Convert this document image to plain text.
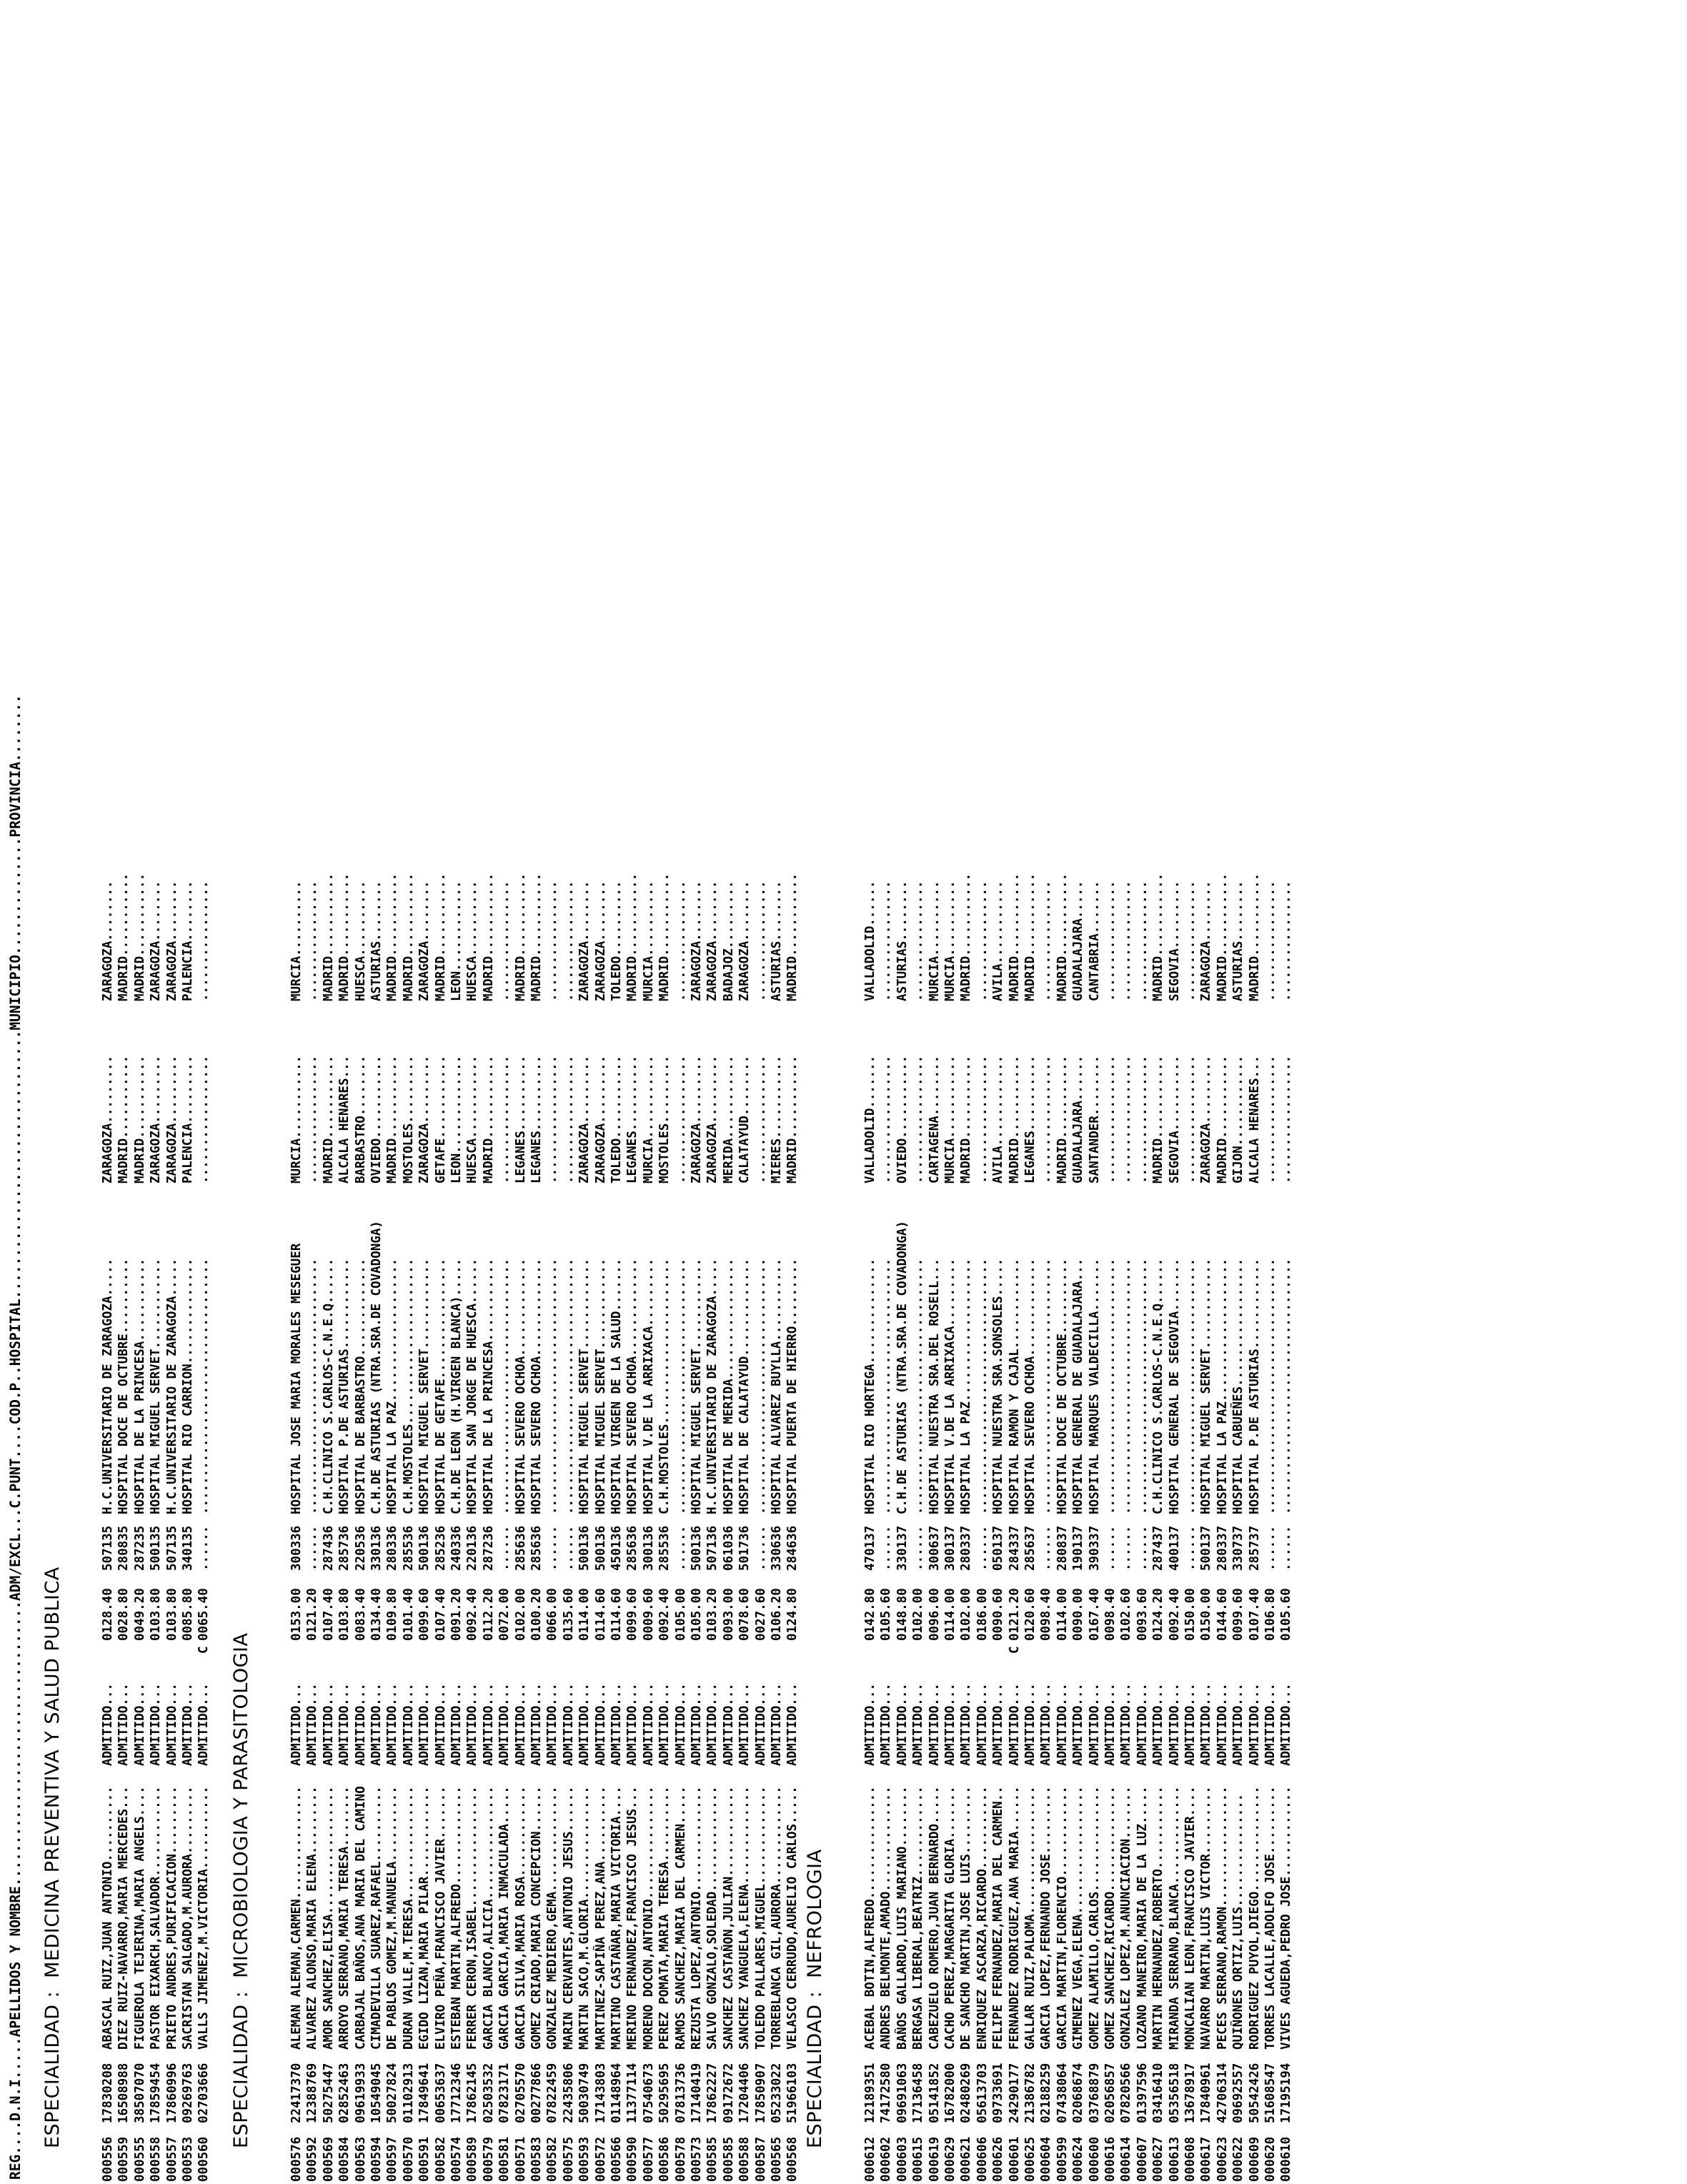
REG....D.N.I.....APELLIDOS Y NOMBRE..................................ADM/EXCL...C.PUNT....COD.P..HOSPITAL................................MUNICIPIO..............PROVINCIA........ ESPECIALIDAD :MEDICINA PREVENTIVA Y SALUD PUBLICA
000556
17830208
ABASCAL RUIZ,JUAN ANTONIO..........
ADMITIDO...
0128.40
507135
H.C.UNIVERSITARIO DE ZARAGOZA.....
ZARAGOZA.........
ZARAGOZA........
000559
16508988
DIEZ RUIZ-NAVARRO,MARIA MERCEDES...
ADMITIDO...
0028.80
280835
HOSPITAL DOCE DE OCTUBRE..........
MADRID...........
MADRID...........
000555
38507070
FIGUEROLA TEJERINA,MARIA ANGELS....
ADMITIDO...
0049.20
287235
HOSPITAL DE LA PRINCESA...........
MADRID...........
MADRID...........
000558
17859454
PASTOR EIXARCH,SALVADOR............
ADMITIDO...
0103.80
500135
HOSPITAL MIGUEL SERVET............
ZARAGOZA.........
ZARAGOZA........
000557
17860996
PRIETO ANDRES,PURIFICACION.........
ADMITIDO...
0103.80
507135
H.C.UNIVERSITARIO DE ZARAGOZA.....
ZARAGOZA.........
ZARAGOZA........
000553
09269763
SACRISTAN SALGADO,M.AURORA.........
ADMITIDO...
0085.80
340135
HOSPITAL RIO CARRION..............
PALENCIA.........
PALENCIA........
000560
02703666
VALLS JIMENEZ,M.VICTORIA...........
ADMITIDO...
C
0065.40
......
..................................
.................
................
ESPECIALIDAD :MICROBIOLOGIA Y PARASITOLOGIA
000576
22417370
ALEMAN ALEMAN,CARMEN...............
ADMITIDO...
0153.00
300336
HOSPITAL JOSE MARIA MORALES MESEGUER
MURCIA...........
MURCIA..........
000592
12388769
ALVAREZ ALONSO,MARIA ELENA.........
ADMITIDO...
0121.20
......
..................................
.................
................
000569
50275447
AMOR SANCHEZ,ELISA.................
ADMITIDO...
0107.40
287436
C.H.CLINICO S.CARLOS-C.N.E.Q......
MADRID...........
MADRID...........
000584
02852463
ARROYO SERRANO,MARIA TERESA........
ADMITIDO...
0103.80
285736
HOSPITAL P.DE ASTURIAS............
ALCALA HENARES...
MADRID...........
000563
09619933
CARBAJAL BAÑOS,ANA MARIA DEL CAMINO
ADMITIDO...
0083.40
220536
HOSPITAL DE BARBASTRO.............
BARBASTRO........
HUESCA..........
000594
10549045
CIMADEVILLA SUAREZ,RAFAEL..........
ADMITIDO...
0134.40
330136
C.H.DE ASTURIAS (NTRA.SRA.DE COVADONGA)
OVIEDO...........
ASTURIAS........
000597
50027824
DE PABLOS GOMEZ,M.MANUELA..........
ADMITIDO...
0109.80
280336
HOSPITAL LA PAZ...................
MADRID...........
MADRID...........
000570
01102913
DURAN VALLE,M.TERESA...............
ADMITIDO...
0101.40
285536
C.H.MOSTOLES......................
MOSTOLES.........
MADRID...........
000591
17849641
EGIDO LIZAN,MARIA PILAR............
ADMITIDO...
0099.60
500136
HOSPITAL MIGUEL SERVET............
ZARAGOZA.........
ZARAGOZA........
000582
00653637
ELVIRO PEÑA,FRANCISCO JAVIER.......
ADMITIDO...
0107.40
285236
HOSPITAL DE GETAFE................
GETAFE...........
MADRID...........
000574
17712346
ESTEBAN MARTIN,ALFREDO.............
ADMITIDO...
0091.20
240336
C.H.DE LEON (H.VIRGEN BLANCA).....
LEON.............
LEON............
000589
17862145
FERRER CERON,ISABEL................
ADMITIDO...
0092.40
220136
HOSPITAL SAN JORGE DE HUESCA......
HUESCA...........
HUESCA..........
000579
02503532
GARCIA BLANCO,ALICIA...............
ADMITIDO...
0112.20
287236
HOSPITAL DE LA PRINCESA...........
MADRID...........
MADRID...........
000581
07823171
GARCIA GARCIA,MARIA INMACULADA.....
ADMITIDO...
0072.00
......
..................................
.................
................
000571
02705570
GARCIA SILVA,MARIA ROSA............
ADMITIDO...
0102.00
285636
HOSPITAL SEVERO OCHOA.............
LEGANES..........
MADRID...........
000583
00277866
GOMEZ CRIADO,MARIA CONCEPCION......
ADMITIDO...
0100.20
285636
HOSPITAL SEVERO OCHOA.............
LEGANES..........
MADRID...........
000582
07822459
GONZALEZ MEDIERO,GEMA..............
ADMITIDO...
0066.00
......
..................................
.................
................
000575
22435806
MARIN CERVANTES,ANTONIO JESUS......
ADMITIDO...
0135.60
......
..................................
.................
................
000593
50030749
MARTIN SACO,M.GLORIA...............
ADMITIDO...
0114.00
500136
HOSPITAL MIGUEL SERVET............
ZARAGOZA.........
ZARAGOZA........
000572
17143803
MARTINEZ-SAPIÑA PEREZ,ANA..........
ADMITIDO...
0114.60
500136
HOSPITAL MIGUEL SERVET............
ZARAGOZA.........
ZARAGOZA........
000566
01148964
MARTINO CASTAÑAR,MARIA VICTORIA....
ADMITIDO...
0114.60
450136
HOSPITAL VIRGEN DE LA SALUD.......
TOLEDO...........
TOLEDO..........
000590
11377114
MERINO FERNANDEZ,FRANCISCO JESUS...
ADMITIDO...
0099.60
285636
HOSPITAL SEVERO OCHOA.............
LEGANES..........
MADRID...........
000577
07540673
MORENO DOCON,ANTONIO...............
ADMITIDO...
0009.60
300136
HOSPITAL V.DE LA ARRIXACA.........
MURCIA...........
MURCIA..........
000586
50295695
PEREZ POMATA,MARIA TERESA..........
ADMITIDO...
0092.40
285536
C.H.MOSTOLES......................
MOSTOLES.........
MADRID...........
000578
07813736
RAMOS SANCHEZ,MARIA DEL CARMEN.....
ADMITIDO...
0105.00
......
..................................
.................
................
000573
17140419
REZUSTA LOPEZ,ANTONIO..............
ADMITIDO...
0105.00
500136
HOSPITAL MIGUEL SERVET............
ZARAGOZA.........
ZARAGOZA........
000585
17862227
SALVO GONZALO,SOLEDAD..............
ADMITIDO...
0103.20
507136
H.C.UNIVERSITARIO DE ZARAGOZA.....
ZARAGOZA.........
ZARAGOZA........
000585
09172672
SANCHEZ CASTAÑON,JULIAN............
ADMITIDO...
0093.00
061036
HOSPITAL DE MERIDA................
MERIDA...........
BADAJOZ.........
000588
17204406
SANCHEZ YANGUELA,ELENA.............
ADMITIDO...
0078.60
501736
HOSPITAL DE CALATAYUD.............
CALATAYUD........
ZARAGOZA........
000587
17850907
TOLEDO PALLARES,MIGUEL.............
ADMITIDO...
0027.60
......
..................................
.................
................
000565
05233022
TORREBLANCA GIL,AURORA.............
ADMITIDO...
0106.20
330636
HOSPITAL ALVAREZ BUYLLA...........
MIERES...........
ASTURIAS........
000568
51966103
VELASCO CERRUDO,AURELIO CARLOS.....
ADMITIDO...
0124.80
284636
HOSPITAL PUERTA DE HIERRO.........
MADRID...........
MADRID...........
ESPECIALIDAD :NEFROLOGIA
000612
12189351
ACEBAL BOTIN,ALFREDO...............
ADMITIDO...
0142.80
470137
HOSPITAL RIO HORTEGA..............
VALLADOLID.......
VALLADOLID......
000602
74172580
ANDRES BELMONTE,AMADO..............
ADMITIDO...
0105.60
......
..................................
.................
................
000603
09691063
BAÑOS GALLARDO,LUIS MARIANO........
ADMITIDO...
0148.80
330137
C.H.DE ASTURIAS (NTRA.SRA.DE COVADONGA)
OVIEDO...........
ASTURIAS........
000615
17136458
BERGASA LIBERAL,BEATRIZ............
ADMITIDO...
0102.00
......
..................................
.................
................
000619
05141852
CABEZUELO ROMERO,JUAN BERNARDO.....
ADMITIDO...
0096.00
300637
HOSPITAL NUESTRA SRA.DEL ROSELL...
CARTAGENA........
MURCIA..........
000629
16782000
CACHO PEREZ,MARGARITA GLORIA.......
ADMITIDO...
0114.00
300137
HOSPITAL V.DE LA ARRIXACA.........
MURCIA...........
MURCIA..........
000621
02480269
DE SANCHO MARTIN,JOSE LUIS.........
ADMITIDO...
0102.00
280337
HOSPITAL LA PAZ...................
MADRID...........
MADRID...........
000606
05613703
ENRIQUEZ ASCARZA,RICARDO...........
ADMITIDO...
0186.00
......
..................................
.................
................
000626
09733691
FELIPE FERNANDEZ,MARIA DEL CARMEN..
ADMITIDO...
0090.60
050137
HOSPITAL NUESTRA SRA.SONSOLES.....
AVILA............
AVILA...........
000601
24290177
FERNANDEZ RODRIGUEZ,ANA MARIA......
ADMITIDO...
C
0121.20
284337
HOSPITAL RAMON Y CAJAL............
MADRID...........
MADRID...........
000625
21386782
GALLAR RUIZ,PALOMA.................
ADMITIDO...
0120.60
285637
HOSPITAL SEVERO OCHOA.............
LEGANES..........
MADRID...........
000604
02188259
GARCIA LOPEZ,FERNANDO JOSE.........
ADMITIDO...
0098.40
......
..................................
.................
................
000599
07438064
GARCIA MARTIN,FLORENCIO............
ADMITIDO...
0114.00
280837
HOSPITAL DOCE DE OCTUBRE..........
MADRID...........
MADRID...........
000624
02068674
GIMENEZ VEGA,ELENA.................
ADMITIDO...
0090.00
190137
HOSPITAL GENERAL DE GUADALAJARA...
GUADALAJARA......
GUADALAJARA.....
000600
03768879
GOMEZ ALAMILLO,CARLOS..............
ADMITIDO...
0167.40
390337
HOSPITAL MARQUES VALDECILLA.......
SANTANDER........
CANTABRIA.......
000616
02056857
GOMEZ SANCHEZ,RICARDO..............
ADMITIDO...
0098.40
......
..................................
.................
................
000614
07820566
GONZALEZ LOPEZ,M.ANUNCIACION.......
ADMITIDO...
0102.60
......
..................................
.................
................
000607
01397596
LOZANO MANEIRO,MARIA DE LA LUZ.....
ADMITIDO...
0093.60
......
..................................
.................
................
000627
03416410
MARTIN HERNANDEZ,ROBERTO...........
ADMITIDO...
0124.20
287437
C.H.CLINICO S.CARLOS-C.N.E.Q......
MADRID...........
MADRID...........
000613
05356518
MIRANDA SERRANO,BLANCA.............
ADMITIDO...
0092.40
400137
HOSPITAL GENERAL DE SEGOVIA.......
SEGOVIA..........
SEGOVIA.........
000608
13678917
MONCALIAN LEON,FRANCISCO JAVIER....
ADMITIDO...
0150.00
......
..................................
.................
................
000617
17840961
NAVARRO MARTIN,LUIS VICTOR.........
ADMITIDO...
0150.00
500137
HOSPITAL MIGUEL SERVET............
ZARAGOZA.........
ZARAGOZA........
000623
42706314
PECES SERRANO,RAMON................
ADMITIDO...
0144.60
280337
HOSPITAL LA PAZ...................
MADRID...........
MADRID...........
000622
09692557
QUIÑONES ORTIZ,LUIS...............
ADMITIDO...
0099.60
330737
HOSPITAL CABUEÑES.................
GIJON............
ASTURIAS........
000609
50542426
RODRIGUEZ PUYOL,DIEGO..............
ADMITIDO...
0107.40
285737
HOSPITAL P.DE ASTURIAS............
ALCALA HENARES...
MADRID...........
000620
51608547
TORRES LACALLE,ADOLFO JOSE.........
ADMITIDO...
0106.80
......
..................................
.................
................
000610
17195194
VIVES AGUEDA,PEDRO JOSE............
ADMITIDO...
0105.60
......
..................................
.................
................
